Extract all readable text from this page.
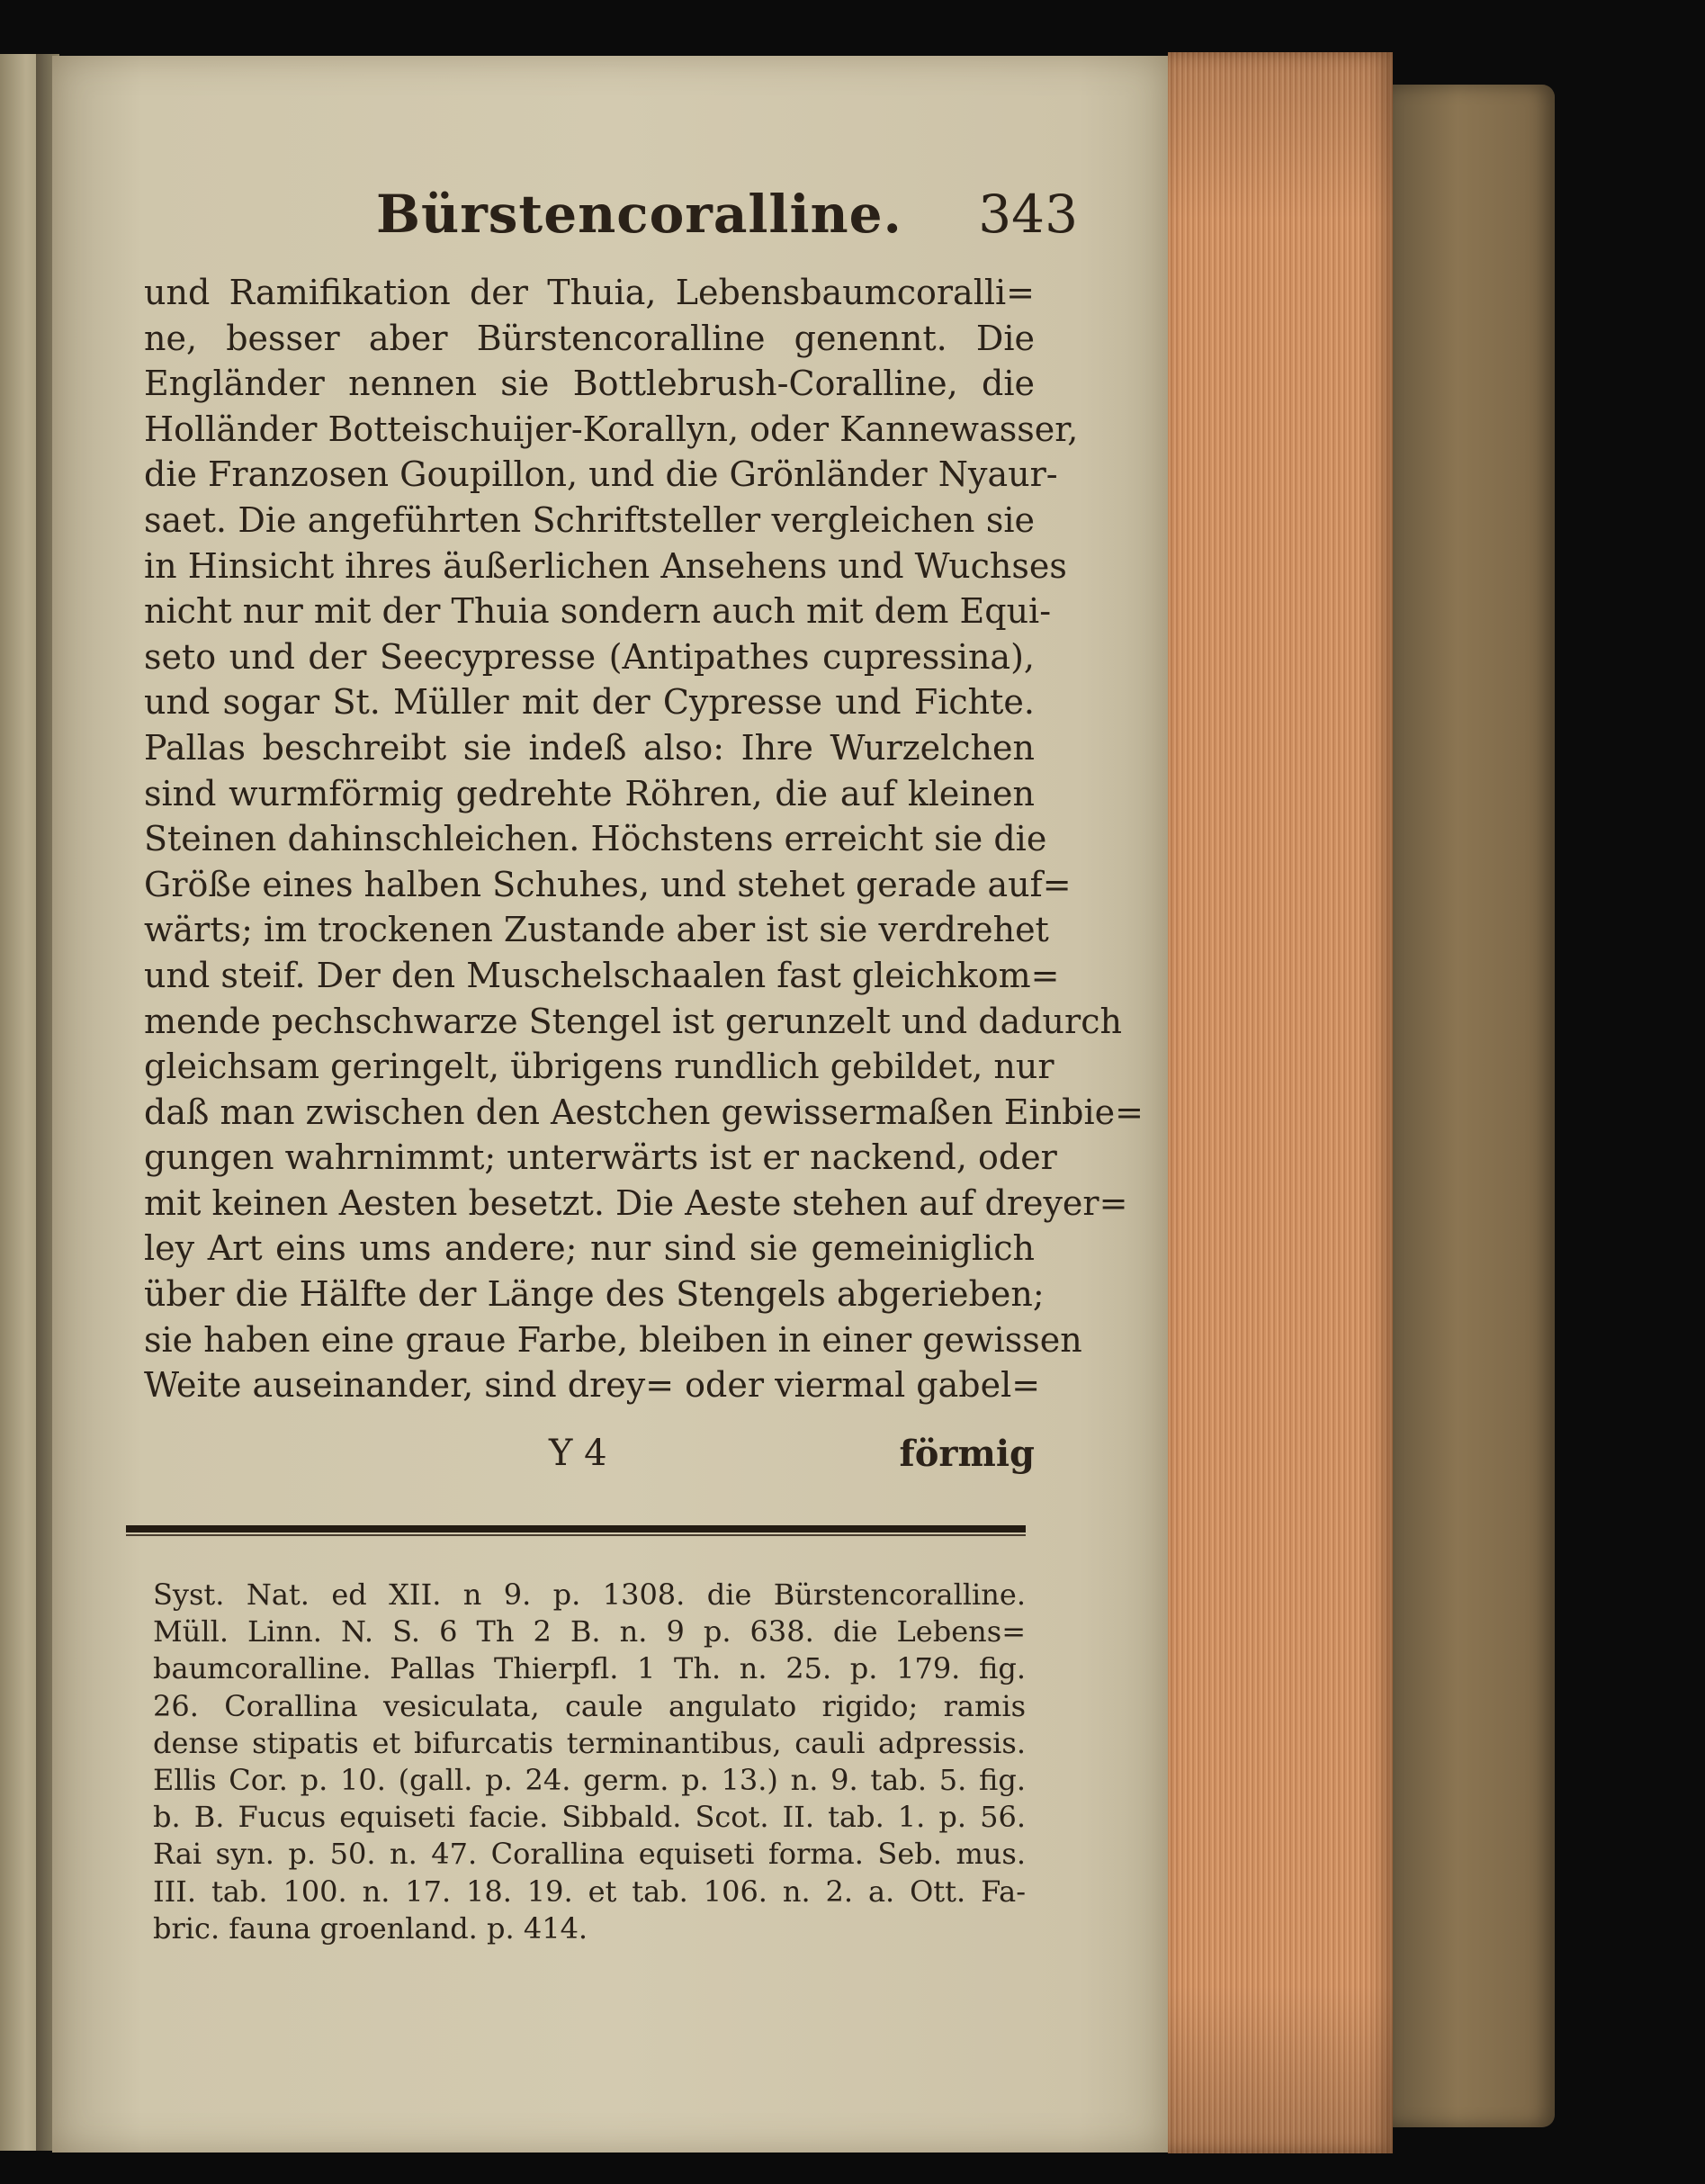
Bürstencoralline. 343
und Ramifikation der Thuia, Lebensbaumcoralli=
ne, besser aber Bürstencoralline genennt. Die
Engländer nennen sie Bottlebrush-Coralline, die
Holländer Botteischuijer-Korallyn, oder Kannewasser,
die Franzosen Goupillon, und die Grönländer Nyaur-
saet. Die angeführten Schriftsteller vergleichen sie
in Hinsicht ihres äußerlichen Ansehens und Wuchses
nicht nur mit der Thuia sondern auch mit dem Equi-
seto und der Seecypresse (Antipathes cupressina),
und sogar St. Müller mit der Cypresse und Fichte.
Pallas beschreibt sie indeß also: Ihre Wurzelchen
sind wurmförmig gedrehte Röhren, die auf kleinen
Steinen dahinschleichen. Höchstens erreicht sie die
Größe eines halben Schuhes, und stehet gerade auf=
wärts; im trockenen Zustande aber ist sie verdrehet
und steif. Der den Muschelschaalen fast gleichkom=
mende pechschwarze Stengel ist gerunzelt und dadurch
gleichsam geringelt, übrigens rundlich gebildet, nur
daß man zwischen den Aestchen gewissermaßen Einbie=
gungen wahrnimmt; unterwärts ist er nackend, oder
mit keinen Aesten besetzt. Die Aeste stehen auf dreyer=
ley Art eins ums andere; nur sind sie gemeiniglich
über die Hälfte der Länge des Stengels abgerieben;
sie haben eine graue Farbe, bleiben in einer gewissen
Weite auseinander, sind drey= oder viermal gabel=
Y 4	förmig
Syst. Nat. ed XII. n 9. p. 1308. die Bürstencoralline.
Müll. Linn. N. S. 6 Th 2 B. n. 9 p. 638. die Lebens=
baumcoralline. Pallas Thierpfl. 1 Th. n. 25. p. 179. fig.
26. Corallina vesiculata, caule angulato rigido; ramis
dense stipatis et bifurcatis terminantibus, cauli adpressis.
Ellis Cor. p. 10. (gall. p. 24. germ. p. 13.) n. 9. tab. 5. fig.
b. B. Fucus equiseti facie. Sibbald. Scot. II. tab. 1. p. 56.
Rai syn. p. 50. n. 47. Corallina equiseti forma. Seb. mus.
III. tab. 100. n. 17. 18. 19. et tab. 106. n. 2. a. Ott. Fa-
bric. fauna groenland. p. 414.
